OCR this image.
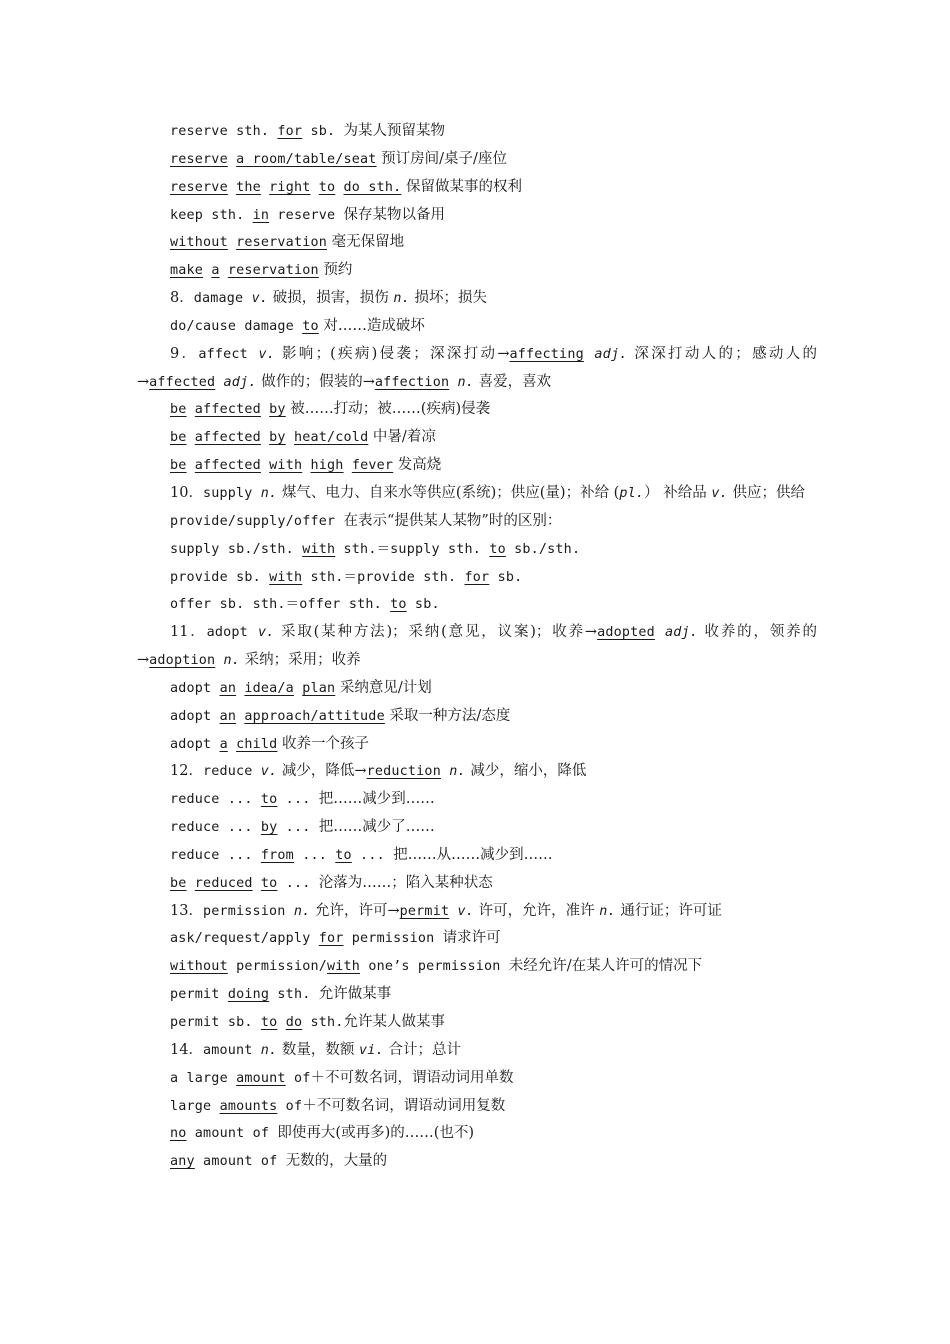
reserve sth. for sb. 为某人预留某物
reserve a room/table/seat 预订房间/桌子/座位
reserve the right to do sth. 保留做某事的权利
keep sth. in reserve 保存某物以备用
without reservation 毫无保留地
make a reservation 预约
8．damage v. 破损，损害，损伤 n. 损坏；损失
do/cause damage to 对……造成破坏
9．affect v. 影响；(疾病)侵袭；深深打动→affecting adj. 深深打动人的；感动人的→affected adj. 做作的；假装的→affection n. 喜爱，喜欢
be affected by 被……打动；被……(疾病)侵袭
be affected by heat/cold 中暑/着凉
be affected with high fever 发高烧
10．supply n. 煤气、电力、自来水等供应(系统)；供应(量)；补给 (pl.） 补给品 v. 供应；供给
provide/supply/offer 在表示“提供某人某物”时的区别：
supply sb./sth. with sth.＝supply sth. to sb./sth.
provide sb. with sth.＝provide sth. for sb.
offer sb. sth.＝offer sth. to sb.
11．adopt v. 采取(某种方法)；采纳(意见，议案)；收养→adopted adj. 收养的，领养的→adoption n. 采纳；采用；收养
adopt an idea/a plan 采纳意见/计划
adopt an approach/attitude 采取一种方法/态度
adopt a child 收养一个孩子
12．reduce v. 减少，降低→reduction n. 减少，缩小，降低
reduce ... to ... 把……减少到……
reduce ... by ... 把……减少了……
reduce ... from ... to ... 把……从……减少到……
be reduced to ... 沦落为……；陷入某种状态
13．permission n. 允许，许可→permit v. 许可，允许，准许 n. 通行证；许可证
ask/request/apply for permission 请求许可
without permission/with one’s permission 未经允许/在某人许可的情况下
permit doing sth. 允许做某事
permit sb. to do sth.允许某人做某事
14．amount n. 数量，数额 vi. 合计；总计
a large amount of＋不可数名词，谓语动词用单数
large amounts of＋不可数名词，谓语动词用复数
no amount of 即使再大(或再多)的……(也不)
any amount of 无数的，大量的
